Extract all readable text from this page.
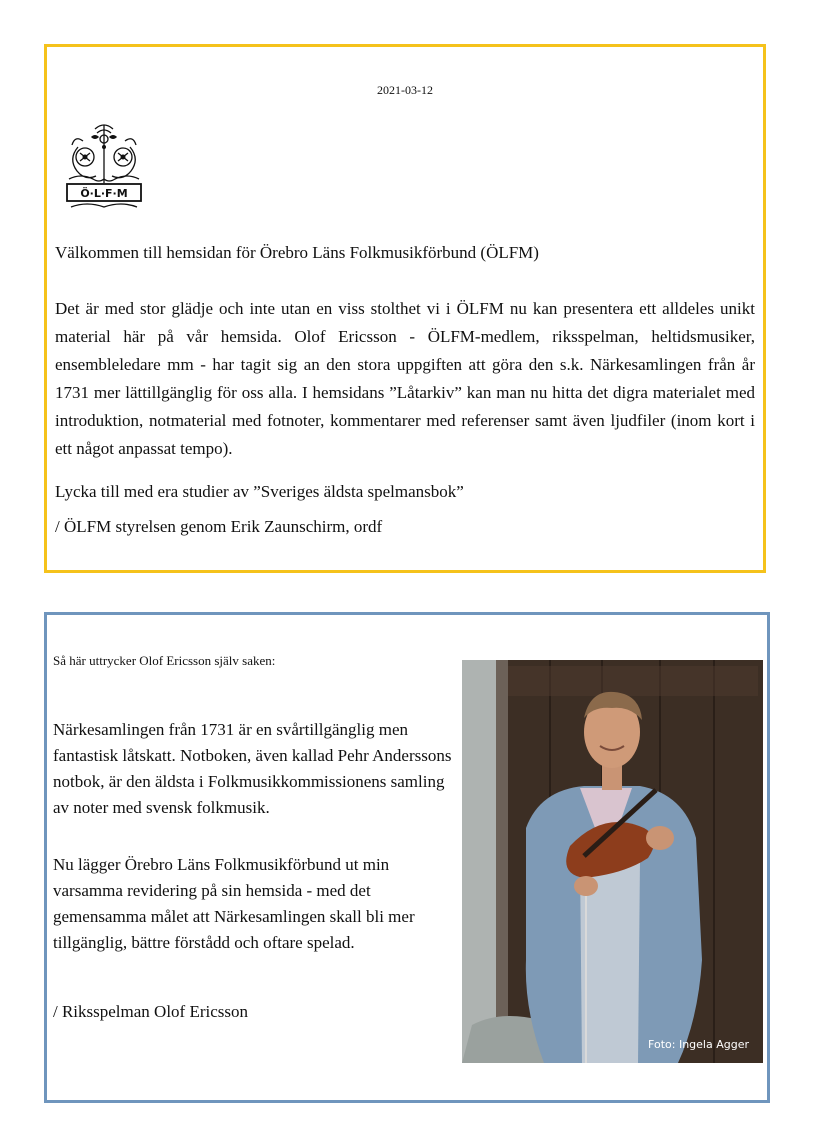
2021-03-12
Ö·L·F·M
Välkommen till hemsidan för Örebro Läns Folkmusikförbund (ÖLFM)

Det är med stor glädje och inte utan en viss stolthet vi i ÖLFM nu kan presentera ett alldeles unikt material här på vår hemsida. Olof Ericsson - ÖLFM-medlem, riksspelman, heltidsmusiker, ensembleledare mm - har tagit sig an den stora uppgiften att göra den s.k. Närkesamlingen från år 1731 mer lättillgänglig för oss alla. I hemsidans ”Låtarkiv” kan man nu hitta det digra materialet med introduktion, notmaterial med fotnoter, kommentarer med referenser samt även ljudfiler (inom kort i ett något anpassat tempo).

Lycka till med era studier av ”Sveriges äldsta spelmansbok”
/ ÖLFM styrelsen genom Erik Zaunschirm, ordf
Så här uttrycker Olof Ericsson själv saken:

Närkesamlingen från 1731 är en svårtillgänglig men fantastisk låtskatt. Notboken, även kallad Pehr Anderssons notbok, är den äldsta i Folkmusikkommissionens samling av noter med svensk folkmusik.

Nu lägger Örebro Läns Folkmusikförbund ut min varsamma revidering på sin hemsida - med det gemensamma målet att Närkesamlingen skall bli mer tillgänglig, bättre förstådd och oftare spelad.

/ Riksspelman Olof Ericsson
Foto: Ingela Agger
